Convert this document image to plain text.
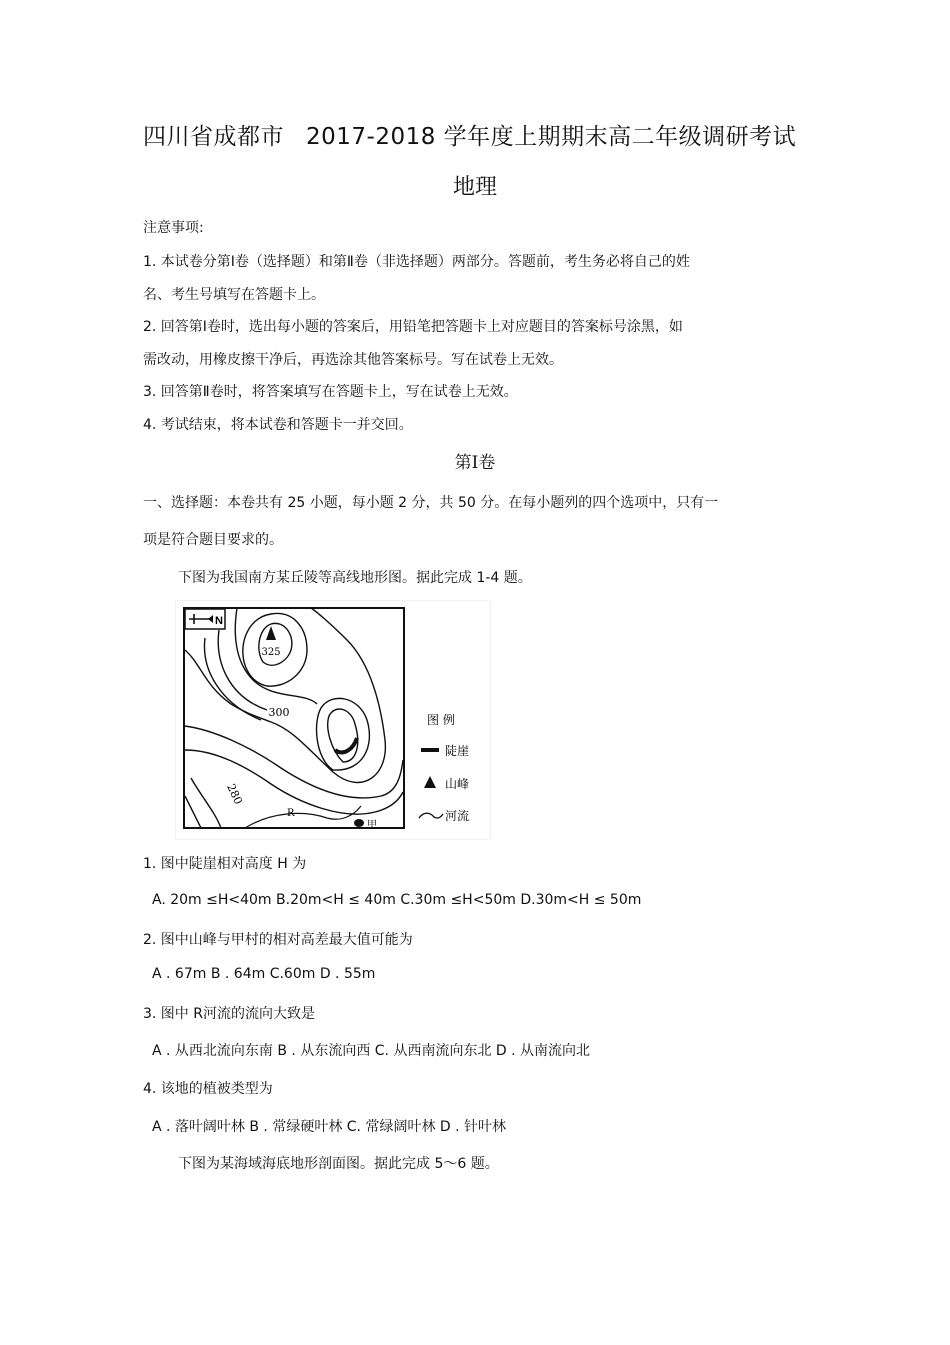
四川省成都市 2017-2018 学年度上期期末高二年级调研考试
地理
注意事项:
1. 本试卷分第Ⅰ卷（选择题）和第Ⅱ卷（非选择题）两部分。答题前，考生务必将自己的姓
名、考生号填写在答题卡上。
2. 回答第Ⅰ卷时，选出每小题的答案后，用铅笔把答题卡上对应题目的答案标号涂黑，如
需改动，用橡皮擦干净后，再选涂其他答案标号。写在试卷上无效。
3. 回答第Ⅱ卷时，将答案填写在答题卡上，写在试卷上无效。
4. 考试结束，将本试卷和答题卡一并交回。
第Ⅰ卷
一、选择题：本卷共有 25 小题，每小题 2 分，共 50 分。在每小题列的四个选项中，只有一
项是符合题目要求的。
下图为我国南方某丘陵等高线地形图。据此完成 1-4 题。
N
325
300
280
R
甲
图 例
陡崖
山峰
河流
1. 图中陡崖相对高度 H 为
A. 20m ≤H<40m B.20m<H ≤ 40m C.30m ≤H<50m D.30m<H ≤ 50m
2. 图中山峰与甲村的相对高差最大值可能为
A . 67m B . 64m C.60m D . 55m
3. 图中 R河流的流向大致是
A . 从西北流向东南 B . 从东流向西 C. 从西南流向东北 D . 从南流向北
4. 该地的植被类型为
A . 落叶阔叶林 B . 常绿硬叶林 C. 常绿阔叶林 D . 针叶林
下图为某海域海底地形剖面图。据此完成 5～6 题。
